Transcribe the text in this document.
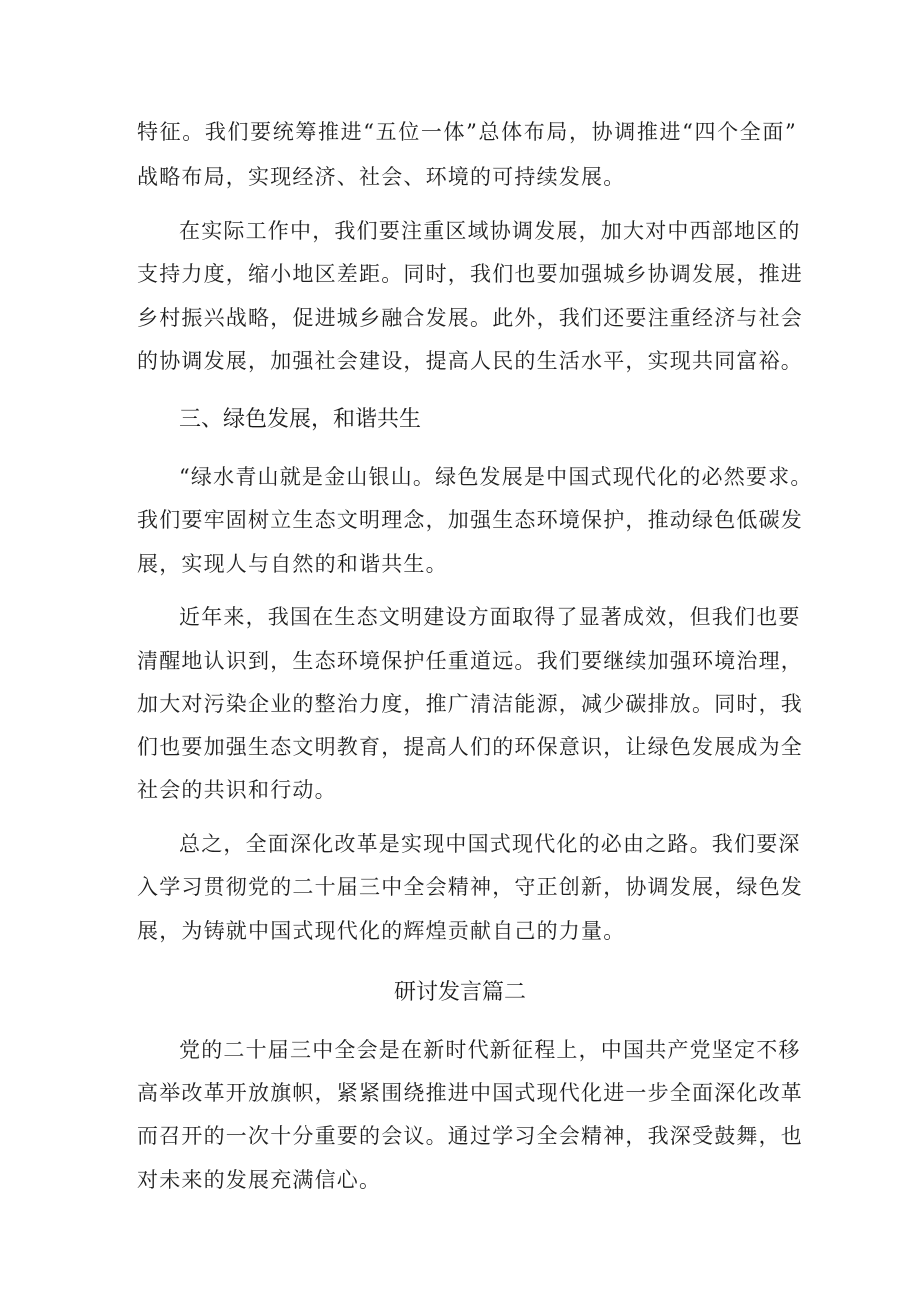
特征。我们要统筹推进“五位一体”总体布局，协调推进“四个全面”

战略布局，实现经济、社会、环境的可持续发展。

在实际工作中，我们要注重区域协调发展，加大对中西部地区的

支持力度，缩小地区差距。同时，我们也要加强城乡协调发展，推进

乡村振兴战略，促进城乡融合发展。此外，我们还要注重经济与社会

的协调发展，加强社会建设，提高人民的生活水平，实现共同富裕。

三、绿色发展，和谐共生

“绿水青山就是金山银山。绿色发展是中国式现代化的必然要求。

我们要牢固树立生态文明理念，加强生态环境保护，推动绿色低碳发

展，实现人与自然的和谐共生。

近年来，我国在生态文明建设方面取得了显著成效，但我们也要

清醒地认识到，生态环境保护任重道远。我们要继续加强环境治理，

加大对污染企业的整治力度，推广清洁能源，减少碳排放。同时，我

们也要加强生态文明教育，提高人们的环保意识，让绿色发展成为全

社会的共识和行动。

总之，全面深化改革是实现中国式现代化的必由之路。我们要深

入学习贯彻党的二十届三中全会精神，守正创新，协调发展，绿色发

展，为铸就中国式现代化的辉煌贡献自己的力量。

研讨发言篇二

党的二十届三中全会是在新时代新征程上，中国共产党坚定不移

高举改革开放旗帜，紧紧围绕推进中国式现代化进一步全面深化改革

而召开的一次十分重要的会议。通过学习全会精神，我深受鼓舞，也

对未来的发展充满信心。
